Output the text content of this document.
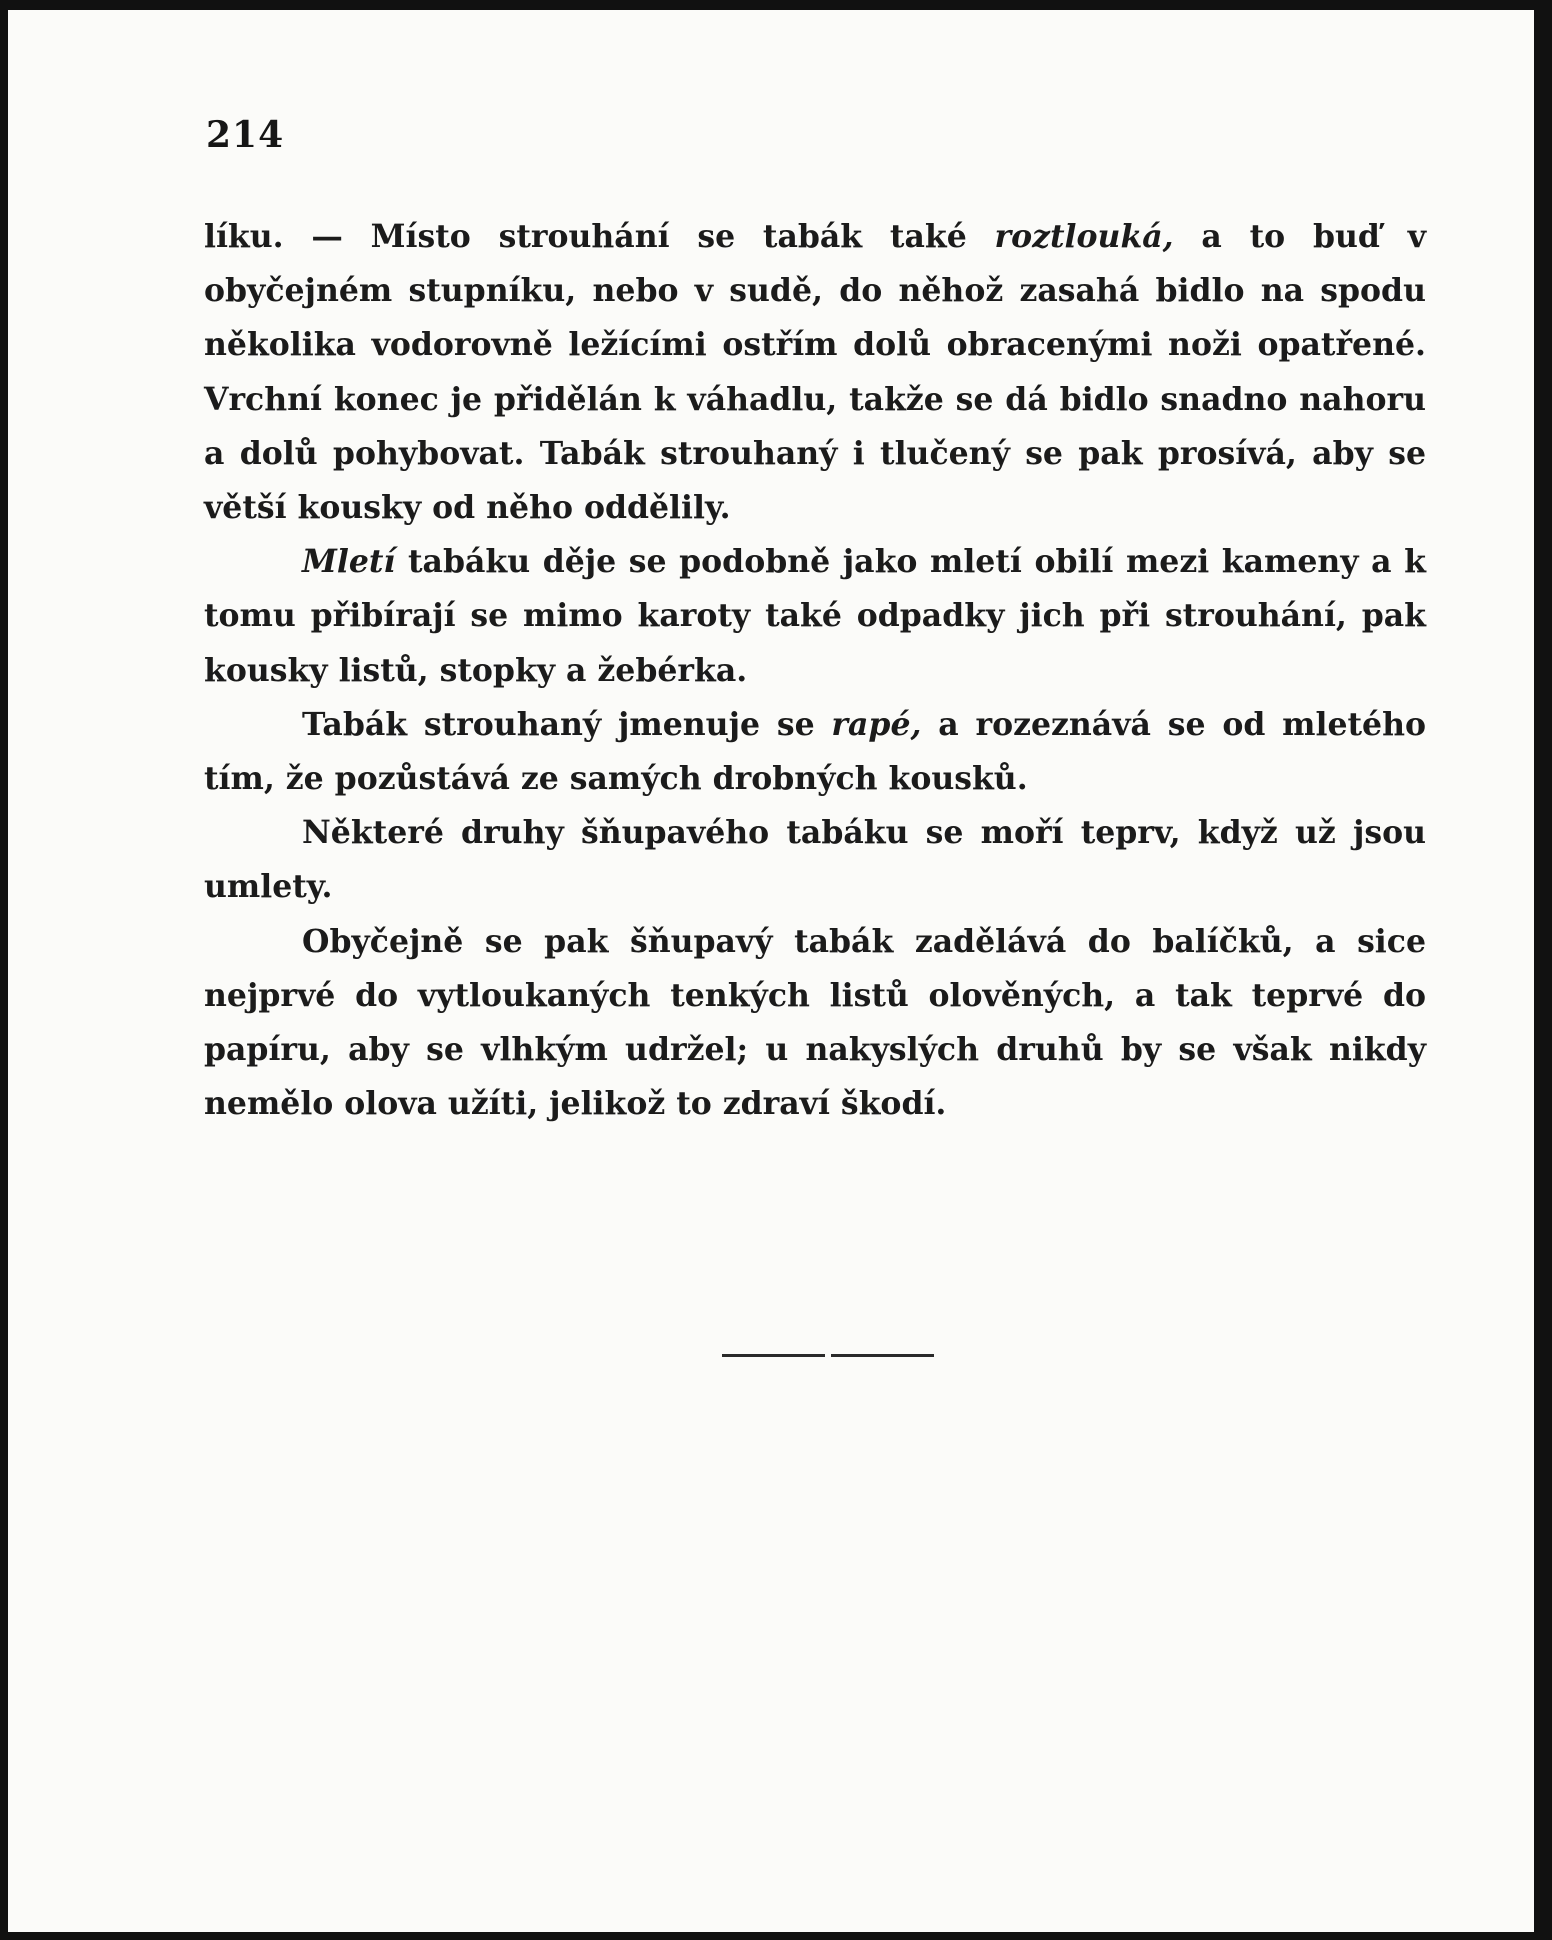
214

líku. — Místo strouhání se tabák také roztlouká, a to buď v obyčejném stupníku, nebo v sudě, do něhož zasahá bidlo na spodu několika vodorovně ležícími ostřím dolů obracenými noži opatřené. Vrchní konec je přidělán k váhadlu, takže se dá bidlo snadno nahoru a dolů pohybovat. Tabák strouhaný i tlučený se pak prosívá, aby se větší kousky od něho oddělily.

Mletí tabáku děje se podobně jako mletí obilí mezi kameny a k tomu přibírají se mimo karoty také odpadky jich při strouhání, pak kousky listů, stopky a žebérka.

Tabák strouhaný jmenuje se rapé, a rozeznává se od mletého tím, že pozůstává ze samých drobných kousků.

Některé druhy šňupavého tabáku se moří teprv, když už jsou umlety.

Obyčejně se pak šňupavý tabák zadělává do balíčků, a sice nejprvé do vytloukaných tenkých listů olověných, a tak teprvé do papíru, aby se vlhkým udržel; u nakyslých druhů by se však nikdy nemělo olova užíti, jelikož to zdraví škodí.
